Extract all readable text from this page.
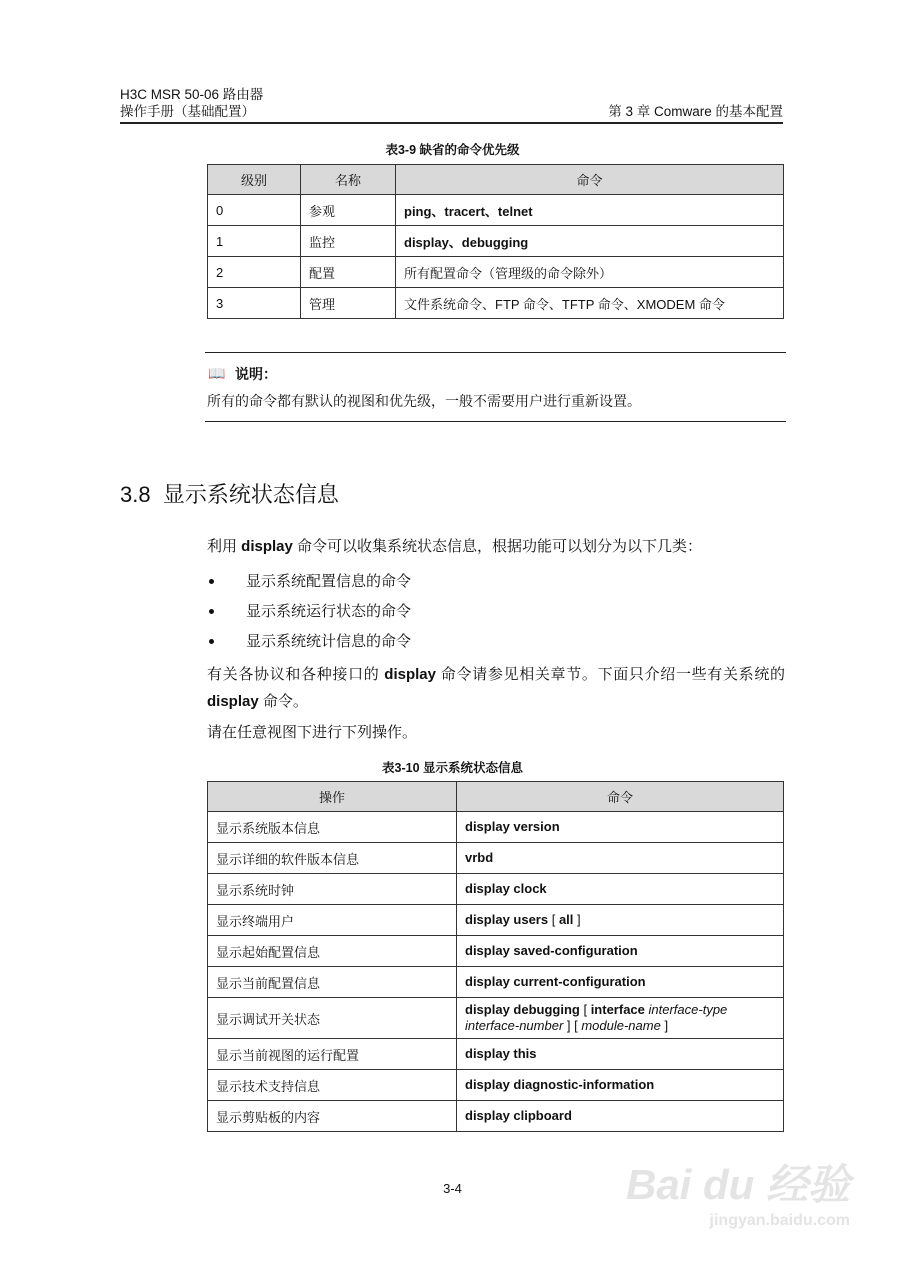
H3C MSR 50-06 路由器
操作手册（基础配置）	第 3 章 Comware 的基本配置
表3-9 缺省的命令优先级
级别	名称	命令
0	参观	ping、tracert、telnet
1	监控	display、debugging
2	配置	所有配置命令（管理级的命令除外）
3	管理	文件系统命令、FTP 命令、TFTP 命令、XMODEM 命令
📖 说明：
所有的命令都有默认的视图和优先级，一般不需要用户进行重新设置。
3.8 显示系统状态信息
利用 display 命令可以收集系统状态信息，根据功能可以划分为以下几类：
显示系统配置信息的命令
显示系统运行状态的命令
显示系统统计信息的命令
有关各协议和各种接口的 display 命令请参见相关章节。下面只介绍一些有关系统的 display 命令。
请在任意视图下进行下列操作。
表3-10 显示系统状态信息
操作	命令
显示系统版本信息	display version
显示详细的软件版本信息	vrbd
显示系统时钟	display clock
显示终端用户	display users [ all ]
显示起始配置信息	display saved-configuration
显示当前配置信息	display current-configuration
显示调试开关状态	display debugging [ interface interface-type interface-number ] [ module-name ]
显示当前视图的运行配置	display this
显示技术支持信息	display diagnostic-information
显示剪贴板的内容	display clipboard
3-4	Bai du 经验
jingyan.baidu.com
